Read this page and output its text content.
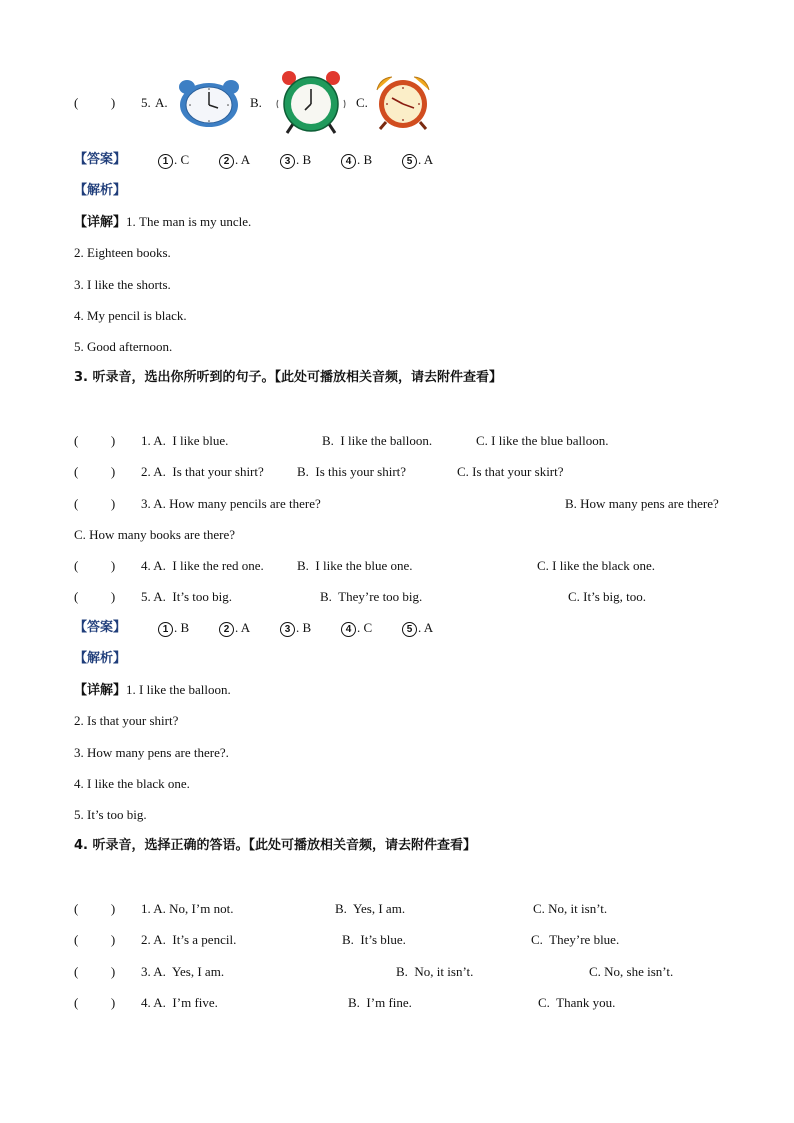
(          ) 5. A.	B.	C.
【答案】	1 . C	2 . A	3 . B	4 . B	5 . A
【解析】
【详解】1. The man is my uncle.
2. Eighteen books.
3. I like the shorts.
4. My pencil is black.
5. Good afternoon.
3. 听录音，选出你所听到的句子。【此处可播放相关音频，请去附件查看】
(          ) 1. A.  I like blue.	B.  I like the balloon.	C. I like the blue balloon.
(          ) 2. A.  Is that your shirt?	B.  Is this your shirt?	C. Is that your skirt?
(          ) 3. A. How many pencils are there?	B. How many pens are there?
C. How many books are there?
(          ) 4. A.  I like the red one.	B.  I like the blue one.	C. I like the black one.
(          ) 5. A.  It’s too big.	B.  They’re too big.	C. It’s big, too.
【答案】	1 . B	2 . A	3 . B	4 . C	5 . A
【解析】
【详解】1. I like the balloon.
2. Is that your shirt?
3. How many pens are there?.
4. I like the black one.
5. It’s too big.
4. 听录音，选择正确的答语。【此处可播放相关音频，请去附件查看】
(          ) 1. A. No, I’m not.	B.  Yes, I am.	C. No, it isn’t.
(          ) 2. A.  It’s a pencil.	B.  It’s blue.	C.  They’re blue.
(          ) 3. A.  Yes, I am.	B.  No, it isn’t.	C. No, she isn’t.
(          ) 4. A.  I’m five.	B.  I’m fine.	C.  Thank you.
